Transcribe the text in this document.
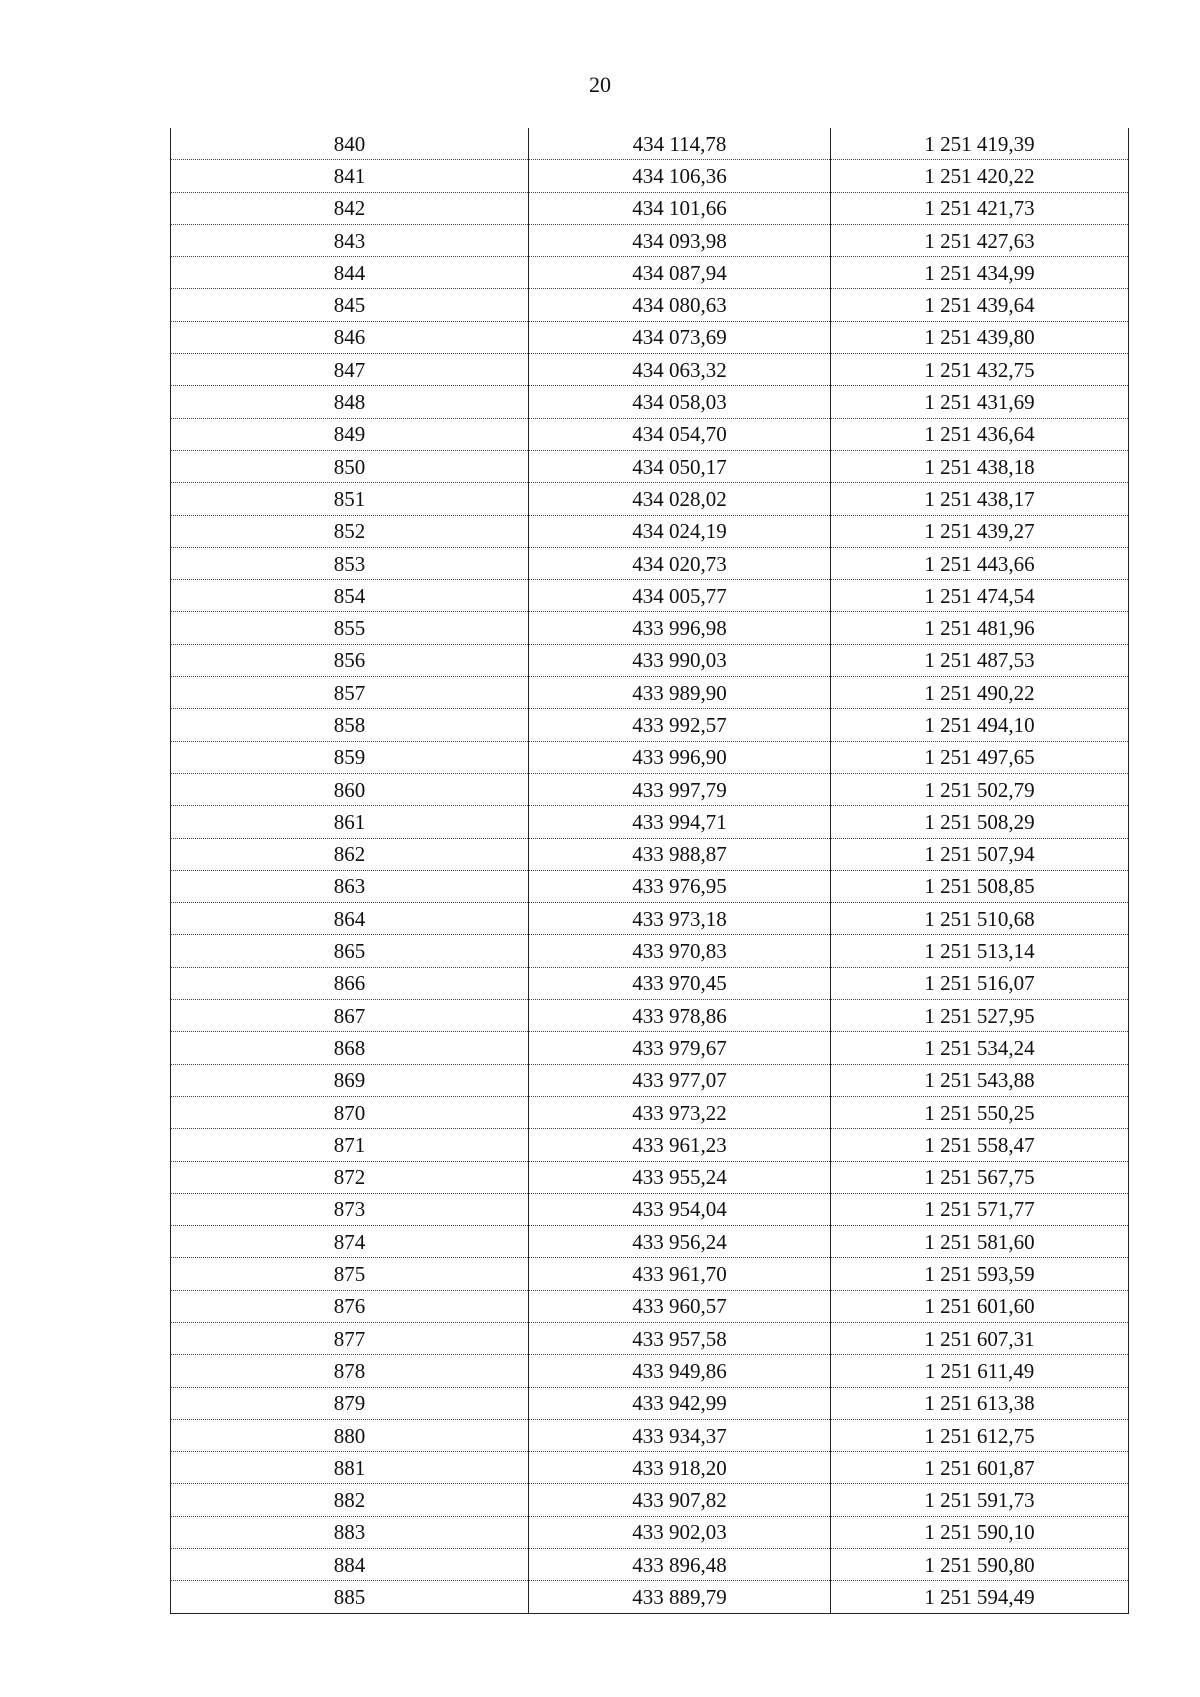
20
840	434 114,78	1 251 419,39
841	434 106,36	1 251 420,22
842	434 101,66	1 251 421,73
843	434 093,98	1 251 427,63
844	434 087,94	1 251 434,99
845	434 080,63	1 251 439,64
846	434 073,69	1 251 439,80
847	434 063,32	1 251 432,75
848	434 058,03	1 251 431,69
849	434 054,70	1 251 436,64
850	434 050,17	1 251 438,18
851	434 028,02	1 251 438,17
852	434 024,19	1 251 439,27
853	434 020,73	1 251 443,66
854	434 005,77	1 251 474,54
855	433 996,98	1 251 481,96
856	433 990,03	1 251 487,53
857	433 989,90	1 251 490,22
858	433 992,57	1 251 494,10
859	433 996,90	1 251 497,65
860	433 997,79	1 251 502,79
861	433 994,71	1 251 508,29
862	433 988,87	1 251 507,94
863	433 976,95	1 251 508,85
864	433 973,18	1 251 510,68
865	433 970,83	1 251 513,14
866	433 970,45	1 251 516,07
867	433 978,86	1 251 527,95
868	433 979,67	1 251 534,24
869	433 977,07	1 251 543,88
870	433 973,22	1 251 550,25
871	433 961,23	1 251 558,47
872	433 955,24	1 251 567,75
873	433 954,04	1 251 571,77
874	433 956,24	1 251 581,60
875	433 961,70	1 251 593,59
876	433 960,57	1 251 601,60
877	433 957,58	1 251 607,31
878	433 949,86	1 251 611,49
879	433 942,99	1 251 613,38
880	433 934,37	1 251 612,75
881	433 918,20	1 251 601,87
882	433 907,82	1 251 591,73
883	433 902,03	1 251 590,10
884	433 896,48	1 251 590,80
885	433 889,79	1 251 594,49
